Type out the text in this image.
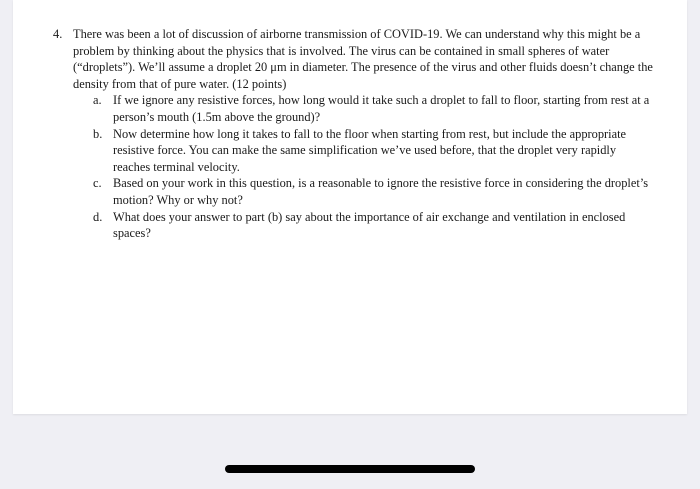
4. There was been a lot of discussion of airborne transmission of COVID-19. We can understand why this might be a problem by thinking about the physics that is involved. The virus can be contained in small spheres of water (“droplets”). We’ll assume a droplet 20 μm in diameter. The presence of the virus and other fluids doesn’t change the density from that of pure water. (12 points)

a. If we ignore any resistive forces, how long would it take such a droplet to fall to floor, starting from rest at a person’s mouth (1.5m above the ground)?
b. Now determine how long it takes to fall to the floor when starting from rest, but include the appropriate resistive force. You can make the same simplification we’ve used before, that the droplet very rapidly reaches terminal velocity.
c. Based on your work in this question, is a reasonable to ignore the resistive force in considering the droplet’s motion? Why or why not?
d. What does your answer to part (b) say about the importance of air exchange and ventilation in enclosed spaces?
